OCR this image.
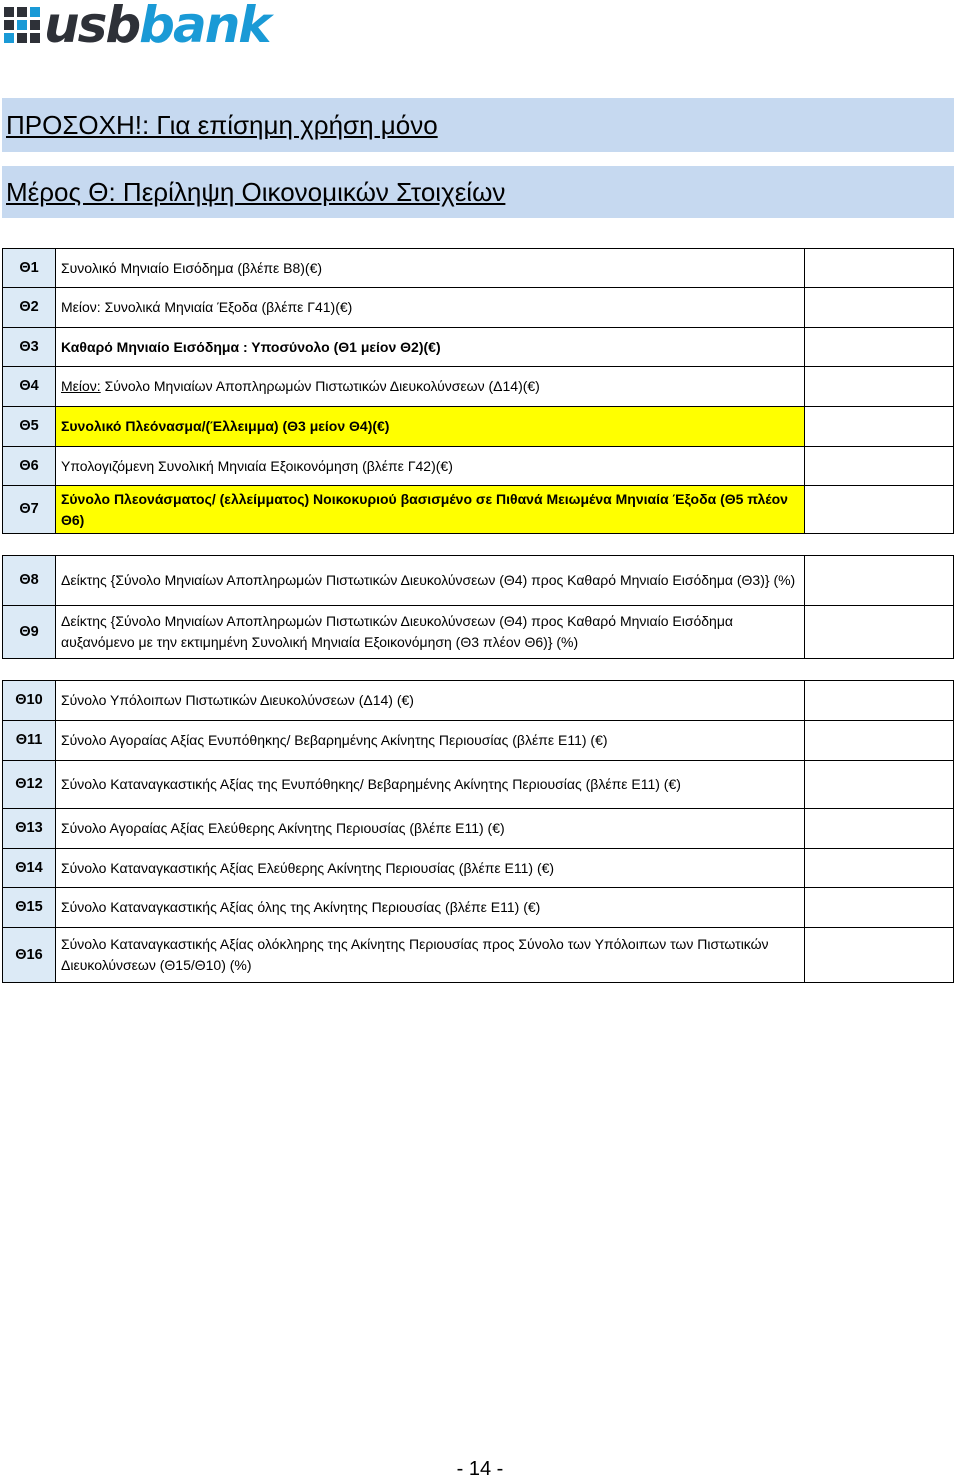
usbbank
ΠΡΟΣΟΧΗ!: Για επίσημη χρήση μόνο
Μέρος Θ: Περίληψη Οικονομικών Στοιχείων
Θ1	Συνολικό Μηνιαίο Εισόδημα (βλέπε Β8)(€)	
Θ2	Μείον: Συνολικά Μηνιαία Έξοδα (βλέπε Γ41)(€)	
Θ3	Καθαρό Μηνιαίο Εισόδημα : Υποσύνολο (Θ1 μείον Θ2)(€)	
Θ4	Μείον: Σύνολο Μηνιαίων Αποπληρωμών Πιστωτικών Διευκολύνσεων (Δ14)(€)	
Θ5	Συνολικό Πλεόνασμα/(Έλλειμμα) (Θ3 μείον Θ4)(€)	
Θ6	Υπολογιζόμενη Συνολική Μηνιαία Εξοικονόμηση (βλέπε Γ42)(€)	
Θ7	Σύνολο Πλεονάσματος/ (ελλείμματος) Νοικοκυριού βασισμένο σε Πιθανά Μειωμένα Μηνιαία Έξοδα (Θ5 πλέον Θ6)	
Θ8	Δείκτης {Σύνολο Μηνιαίων Αποπληρωμών Πιστωτικών Διευκολύνσεων (Θ4) προς Καθαρό Μηνιαίο Εισόδημα (Θ3)} (%)	
Θ9	Δείκτης {Σύνολο Μηνιαίων Αποπληρωμών Πιστωτικών Διευκολύνσεων (Θ4) προς Καθαρό Μηνιαίο Εισόδημα αυξανόμενο με την εκτιμημένη Συνολική Μηνιαία Εξοικονόμηση (Θ3 πλέον Θ6)} (%)	
Θ10	Σύνολο Υπόλοιπων Πιστωτικών Διευκολύνσεων (Δ14) (€)	
Θ11	Σύνολο Αγοραίας Αξίας Ενυπόθηκης/ Βεβαρημένης Ακίνητης Περιουσίας (βλέπε Ε11) (€)	
Θ12	Σύνολο Καταναγκαστικής Αξίας της Ενυπόθηκης/ Βεβαρημένης Ακίνητης Περιουσίας (βλέπε Ε11) (€)	
Θ13	Σύνολο Αγοραίας Αξίας Ελεύθερης Ακίνητης Περιουσίας (βλέπε Ε11) (€)	
Θ14	Σύνολο Καταναγκαστικής Αξίας Ελεύθερης Ακίνητης Περιουσίας (βλέπε Ε11) (€)	
Θ15	Σύνολο Καταναγκαστικής Αξίας όλης της Ακίνητης Περιουσίας (βλέπε Ε11) (€)	
Θ16	Σύνολο Καταναγκαστικής Αξίας ολόκληρης της Ακίνητης Περιουσίας προς Σύνολο των Υπόλοιπων των Πιστωτικών Διευκολύνσεων (Θ15/Θ10) (%)	
- 14 -
